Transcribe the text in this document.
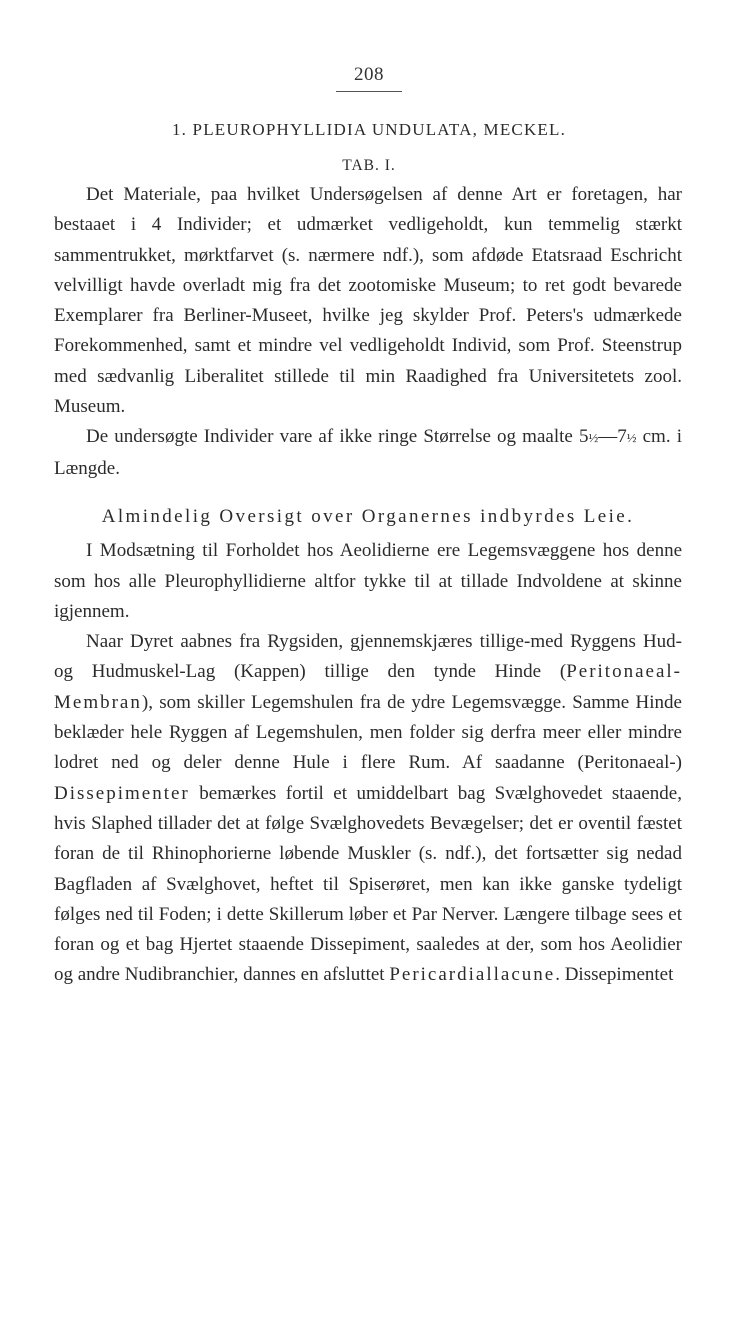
208
1. PLEUROPHYLLIDIA UNDULATA, MECKEL.
TAB. I.

Det Materiale, paa hvilket Undersøgelsen af denne Art er foretagen, har bestaaet i 4 Individer; et udmærket vedligeholdt, kun temmelig stærkt sammentrukket, mørktfarvet (s. nærmere ndf.), som afdøde Etatsraad Eschricht velvilligt havde overladt mig fra det zootomiske Museum; to ret godt bevarede Exemplarer fra Berliner-Museet, hvilke jeg skylder Prof. Peters's udmærkede Forekommenhed, samt et mindre vel vedligeholdt Individ, som Prof. Steenstrup med sædvanlig Liberalitet stillede til min Raadighed fra Universitetets zool. Museum.

De undersøgte Individer vare af ikke ringe Størrelse og maalte 5½—7½ cm. i Længde.

Almindelig Oversigt over Organernes indbyrdes Leie.

I Modsætning til Forholdet hos Aeolidierne ere Legemsvæggene hos denne som hos alle Pleurophyllidierne altfor tykke til at tillade Indvoldene at skinne igjennem.

Naar Dyret aabnes fra Rygsiden, gjennemskjæres tillige-med Ryggens Hud- og Hudmuskel-Lag (Kappen) tillige den tynde Hinde (Peritonaeal-Membran), som skiller Legemshulen fra de ydre Legemsvægge. Samme Hinde beklæder hele Ryggen af Legemshulen, men folder sig derfra meer eller mindre lodret ned og deler denne Hule i flere Rum. Af saadanne (Peritonaeal-) Dissepimenter bemærkes fortil et umiddelbart bag Svælghovedet staaende, hvis Slaphed tillader det at følge Svælghovedets Bevægelser; det er oventil fæstet foran de til Rhinophorierne løbende Muskler (s. ndf.), det fortsætter sig nedad Bagfladen af Svælghovet, heftet til Spiserøret, men kan ikke ganske tydeligt følges ned til Foden; i dette Skillerum løber et Par Nerver. Længere tilbage sees et foran og et bag Hjertet staaende Dissepiment, saaledes at der, som hos Aeolidier og andre Nudibranchier, dannes en afsluttet Pericardiallacune. Dissepimentet
